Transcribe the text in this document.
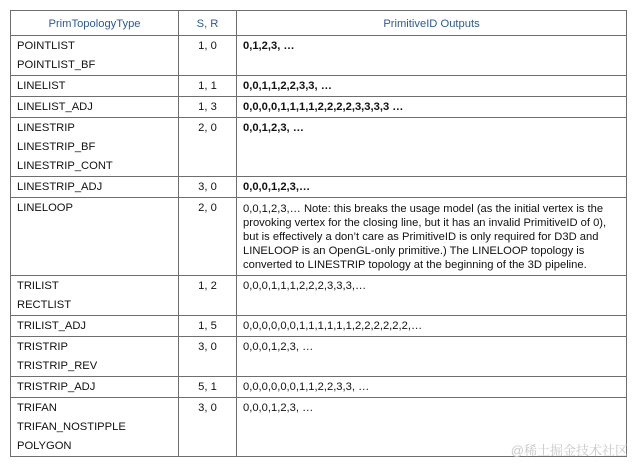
PrimTopologyType	S, R	PrimitiveID Outputs

POINTLIST
POINTLIST_BF	1, 0	0,1,2,3, …

LINELIST	1, 1	0,0,1,1,2,2,3,3, …

LINELIST_ADJ	1, 3	0,0,0,0,1,1,1,1,2,2,2,2,3,3,3,3 …

LINESTRIP
LINESTRIP_BF
LINESTRIP_CONT	2, 0	0,0,1,2,3, …

LINESTRIP_ADJ	3, 0	0,0,0,1,2,3,…

LINELOOP	2, 0	0,0,1,2,3,… Note: this breaks the usage model (as the initial vertex is the provoking vertex for the closing line, but it has an invalid PrimitiveID of 0), but is effectively a don’t care as PrimitiveID is only required for D3D and LINELOOP is an OpenGL-only primitive.) The LINELOOP topology is converted to LINESTRIP topology at the beginning of the 3D pipeline.

TRILIST
RECTLIST	1, 2	0,0,0,1,1,1,2,2,2,3,3,3,…

TRILIST_ADJ	1, 5	0,0,0,0,0,0,1,1,1,1,1,1,2,2,2,2,2,2,…

TRISTRIP
TRISTRIP_REV	3, 0	0,0,0,1,2,3, …

TRISTRIP_ADJ	5, 1	0,0,0,0,0,0,1,1,2,2,3,3, …

TRIFAN
TRIFAN_NOSTIPPLE
POLYGON	3, 0	0,0,0,1,2,3, …
@稀土掘金技术社区
